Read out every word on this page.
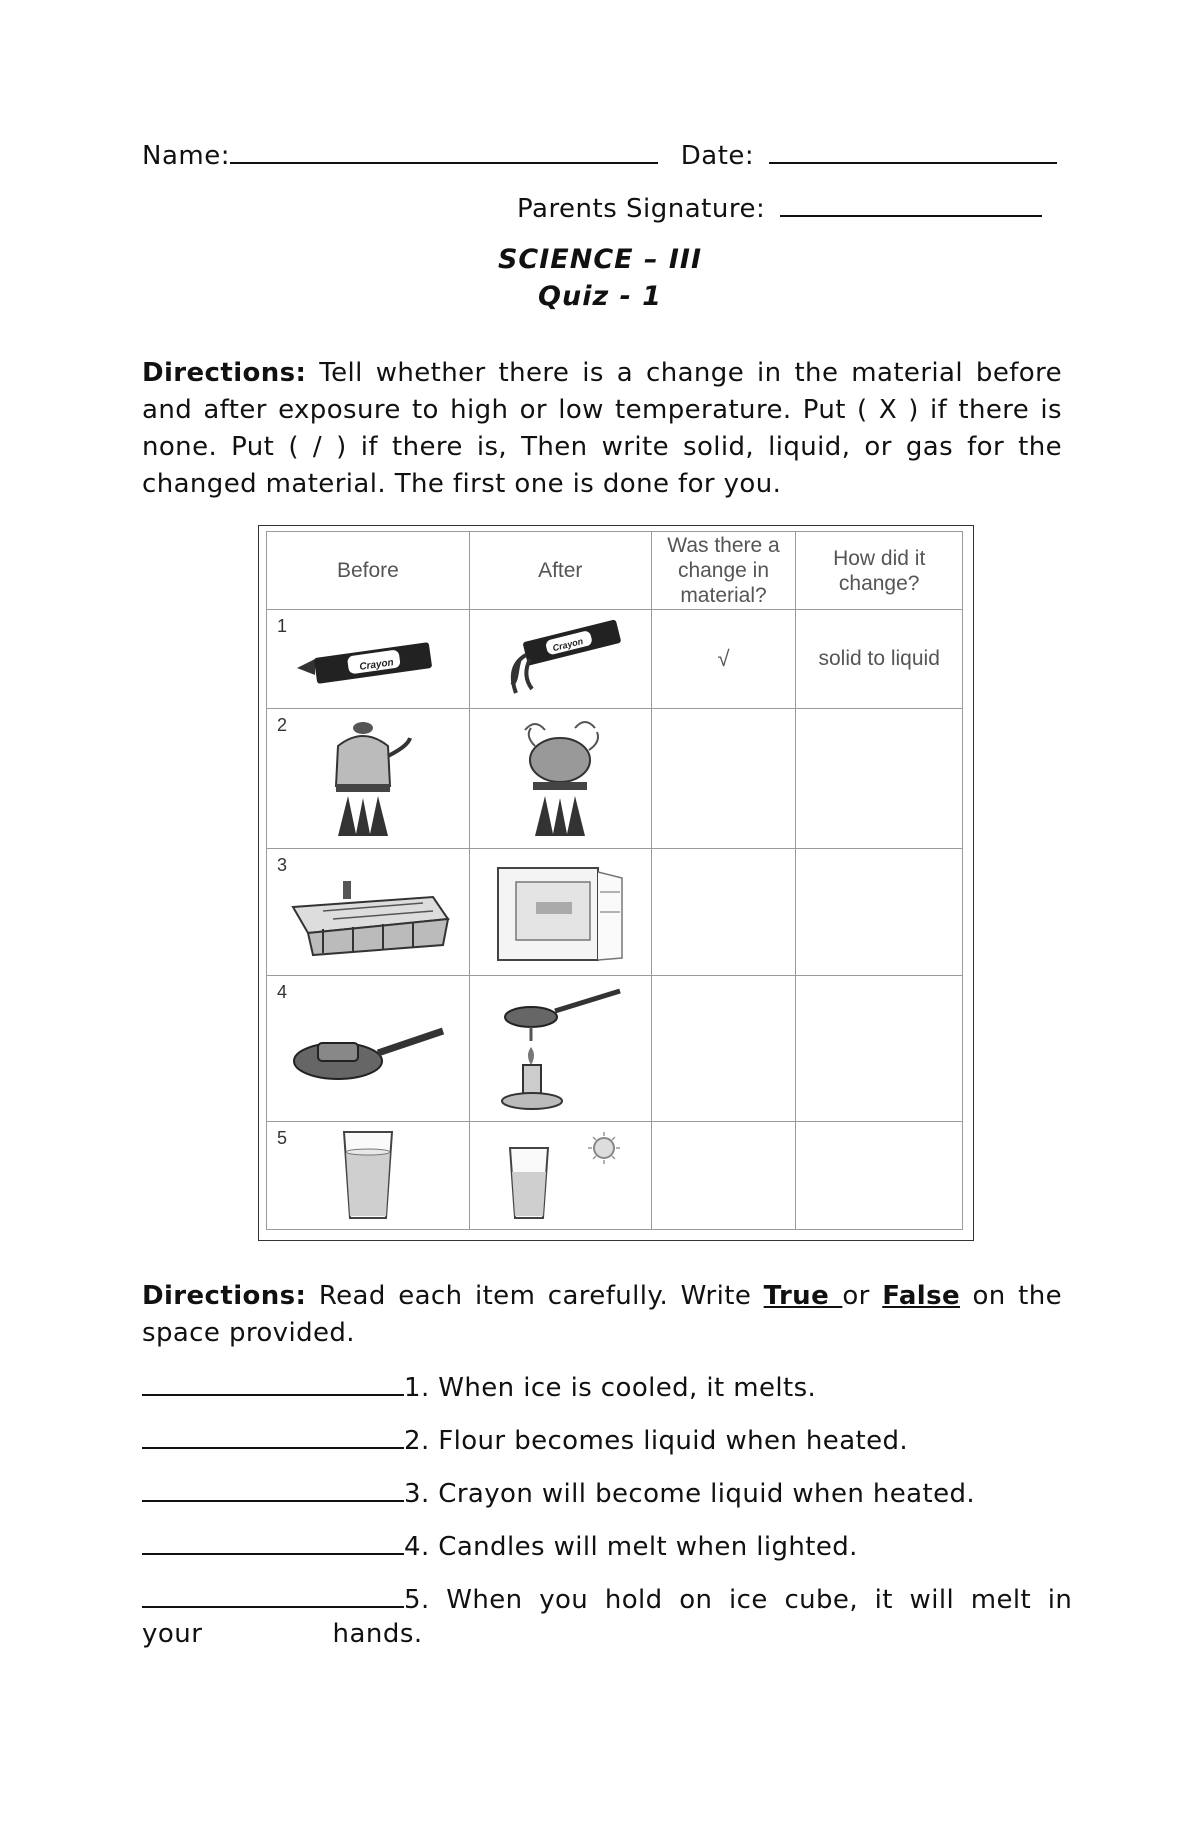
Name:	Date:
Parents Signature:
SCIENCE – III
Quiz - 1
Directions: Tell whether there is a change in the material before and after exposure to high or low temperature. Put ( X ) if there is none. Put ( / ) if there is, Then write solid, liquid, or gas for the changed material. The first one is done for you.
Before	After	Was there a change in material?	How did it change?

1
Crayon	Crayon	√	solid to liquid

2

3

4

5

Directions: Read each item carefully. Write True or False on the space provided.
1. When ice is cooled, it melts.
2. Flour becomes liquid when heated.
3. Crayon will become liquid when heated.
4. Candles will melt when lighted.
5. When you hold on ice cube, it will melt in
your	hands.
